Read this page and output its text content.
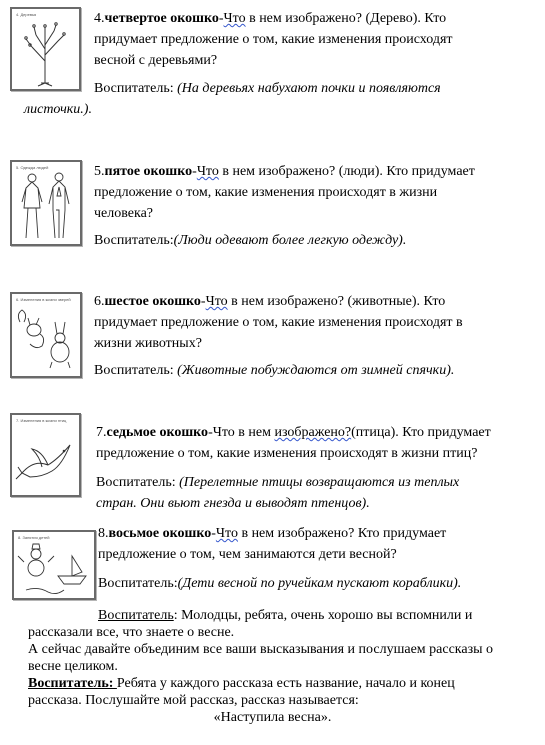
4. Деревья	4.четвертое окошко-Что в нем изображено? (Дерево). Кто
придумает предложение о том, какие изменения происходят
весной с деревьями?
Воспитатель: (На деревьях набухают почки и появляются
листочки.).
5. Одежда людей	5.пятое окошко-Что в нем изображено? (люди). Кто придумает
предложение о том, какие изменения происходят в жизни
человека?
Воспитатель:(Люди одевают более легкую одежду).
6. Изменения в жизни зверей	6.шестое окошко-Что в нем изображено? (животные). Кто
придумает предложение о том, какие изменения происходят в
жизни животных?
Воспитатель: (Животные побуждаются от зимней спячки).
7. Изменения в жизни птиц
7.седьмое окошко-Что в нем изображено?(птица). Кто придумает
предложение о том, какие изменения происходят в жизни птиц?
Воспитатель: (Перелетные птицы возвращаются из теплых
стран. Они вьют гнезда и выводят птенцов).
8. Занятия детей	8.восьмое окошко-Что в нем изображено? Кто придумает
предложение о том, чем занимаются дети весной?
Воспитатель:(Дети весной по ручейкам пускают кораблики).
Воспитатель: Молодцы, ребята, очень хорошо вы вспомнили и
рассказали все, что знаете о весне.
А сейчас давайте объединим все ваши высказывания и послушаем рассказы о
весне целиком.
Воспитатель: Ребята у каждого рассказа есть название, начало и конец
рассказа. Послушайте мой рассказ, рассказ называется:
«Наступила весна».
